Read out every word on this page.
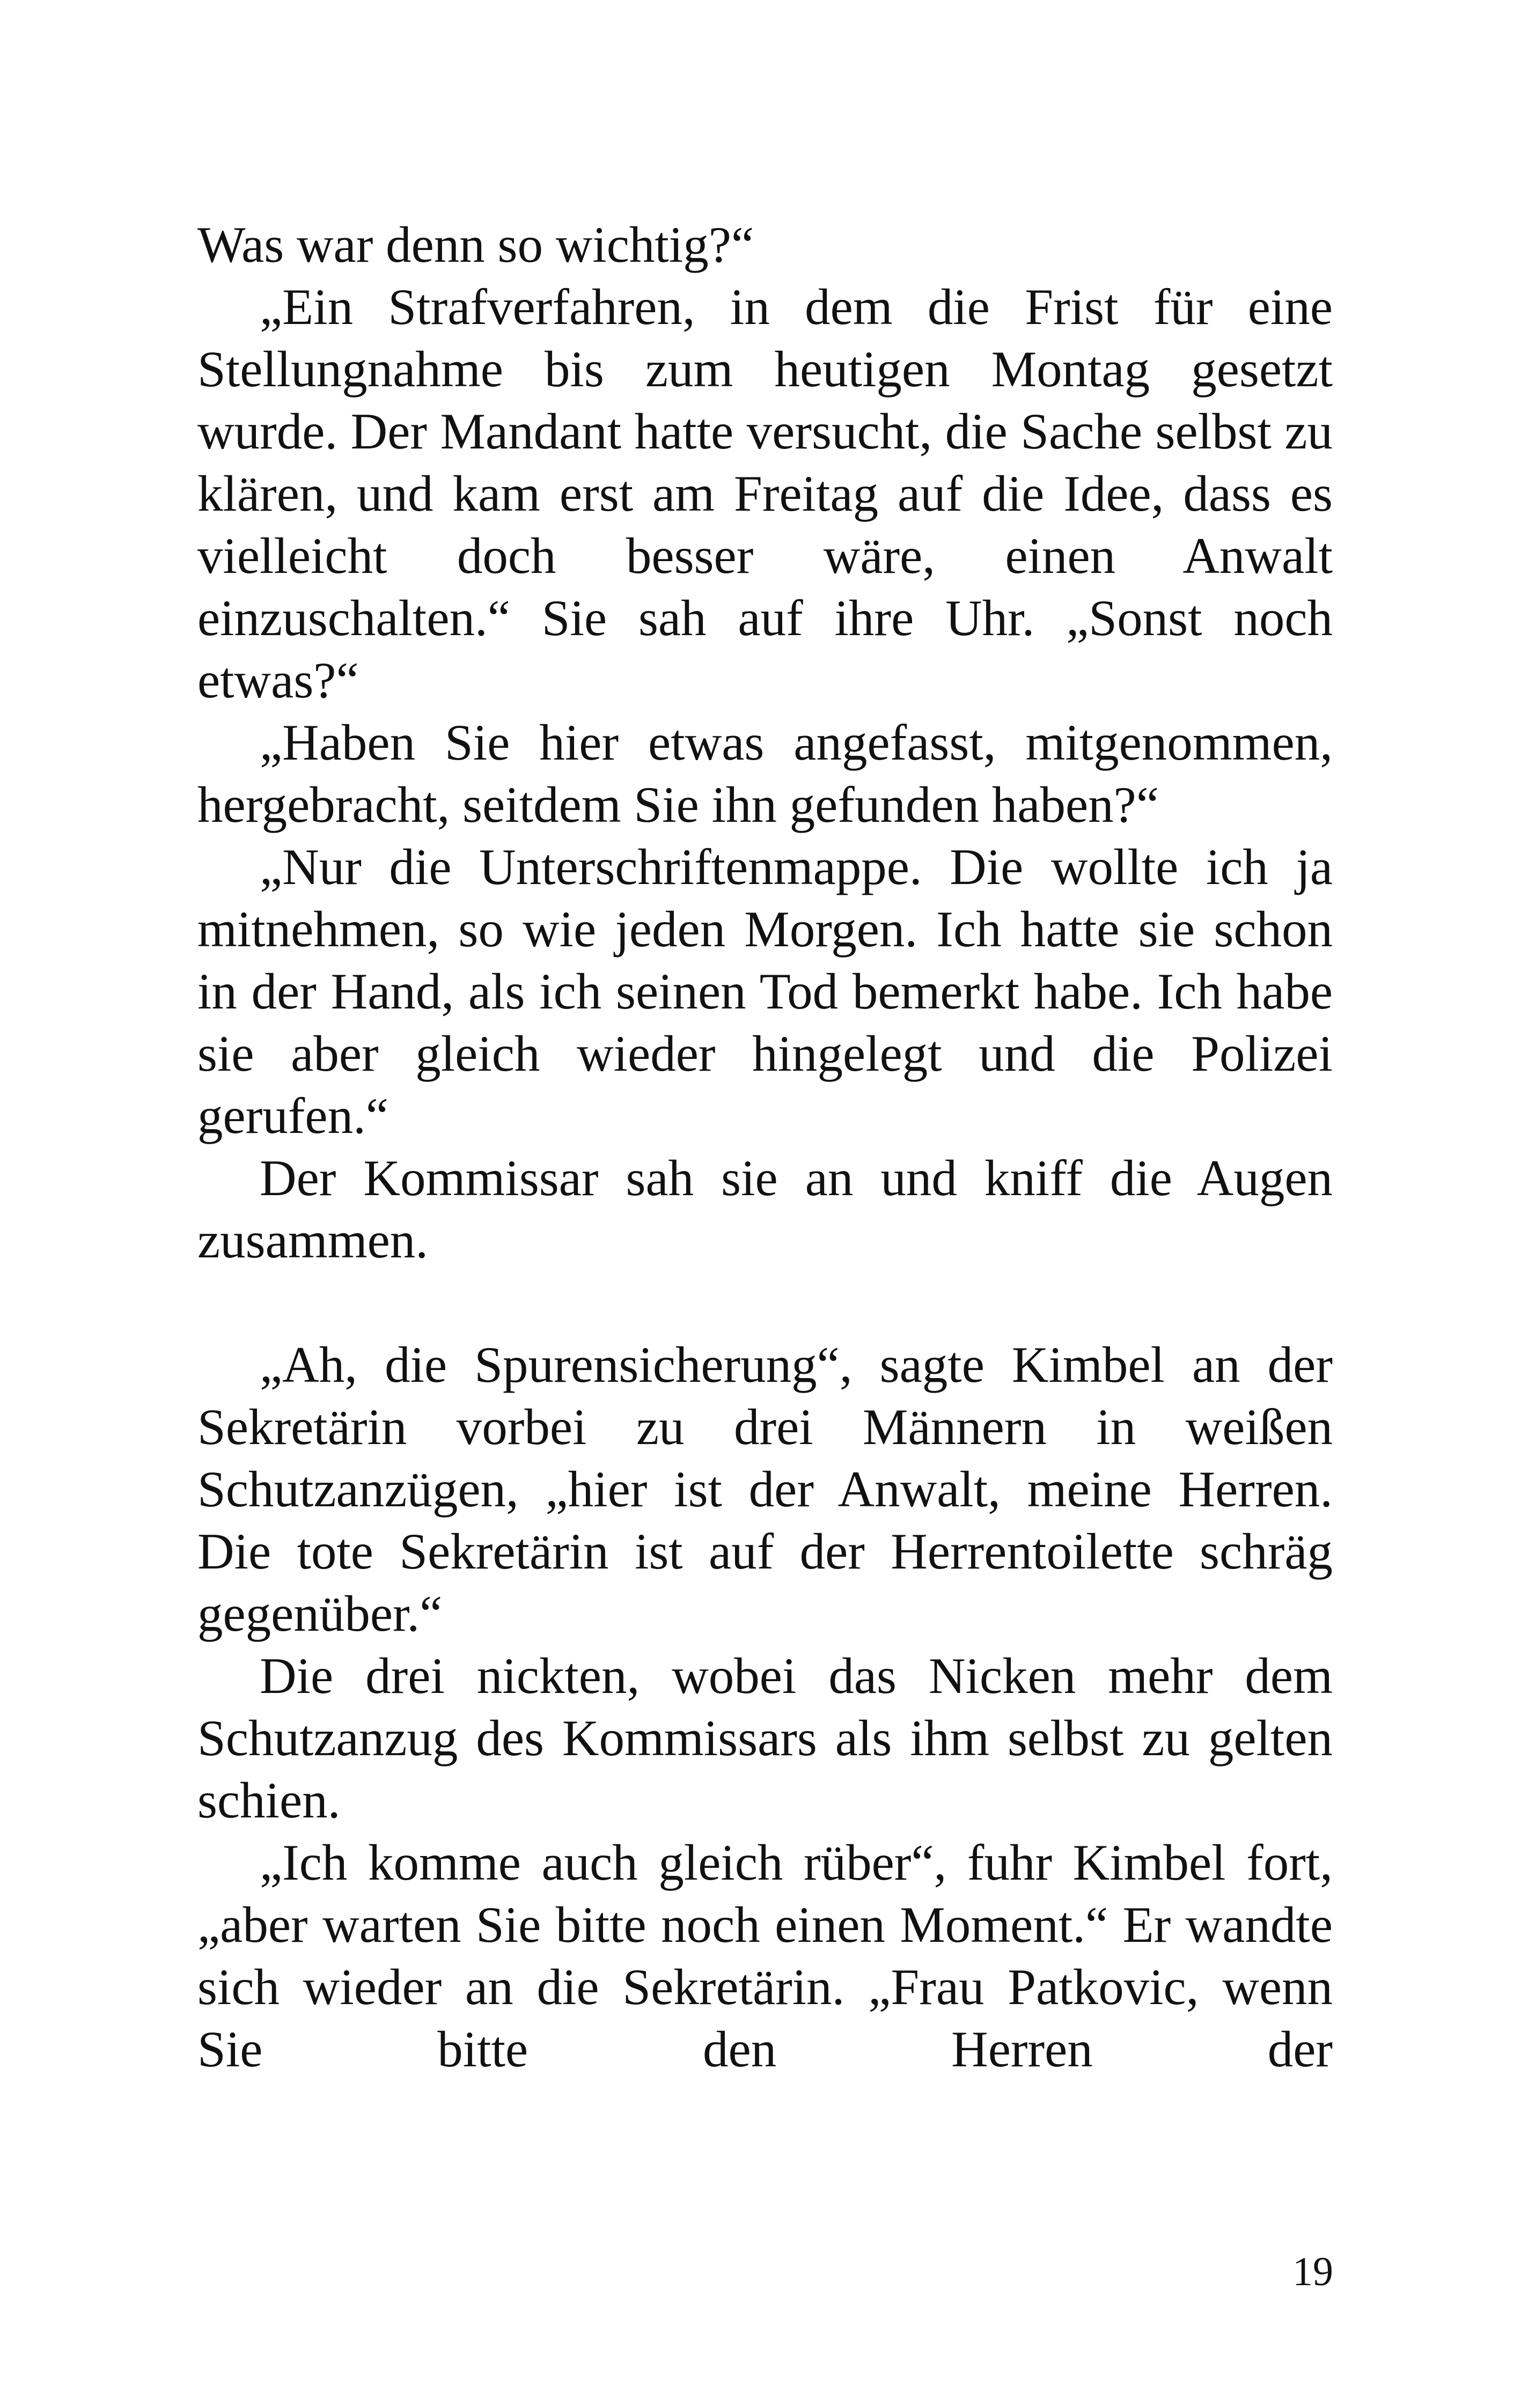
Was war denn so wichtig?“

„Ein Strafverfahren, in dem die Frist für eine Stellungnahme bis zum heutigen Montag gesetzt wurde. Der Mandant hatte versucht, die Sache selbst zu klären, und kam erst am Freitag auf die Idee, dass es vielleicht doch besser wäre, einen Anwalt einzuschalten.“ Sie sah auf ihre Uhr. „Sonst noch etwas?“

„Haben Sie hier etwas angefasst, mitgenommen, hergebracht, seitdem Sie ihn gefunden haben?“

„Nur die Unterschriftenmappe. Die wollte ich ja mitnehmen, so wie jeden Morgen. Ich hatte sie schon in der Hand, als ich seinen Tod bemerkt habe. Ich habe sie aber gleich wieder hingelegt und die Polizei gerufen.“

Der Kommissar sah sie an und kniff die Augen zusammen.

„Ah, die Spurensicherung“, sagte Kimbel an der Sekretärin vorbei zu drei Männern in weißen Schutzanzügen, „hier ist der Anwalt, meine Herren. Die tote Sekretärin ist auf der Herrentoilette schräg gegenüber.“

Die drei nickten, wobei das Nicken mehr dem Schutzanzug des Kommissars als ihm selbst zu gelten schien.

„Ich komme auch gleich rüber“, fuhr Kimbel fort, „aber warten Sie bitte noch einen Moment.“ Er wandte sich wieder an die Sekretärin. „Frau Patkovic, wenn Sie bitte den Herren der

19
